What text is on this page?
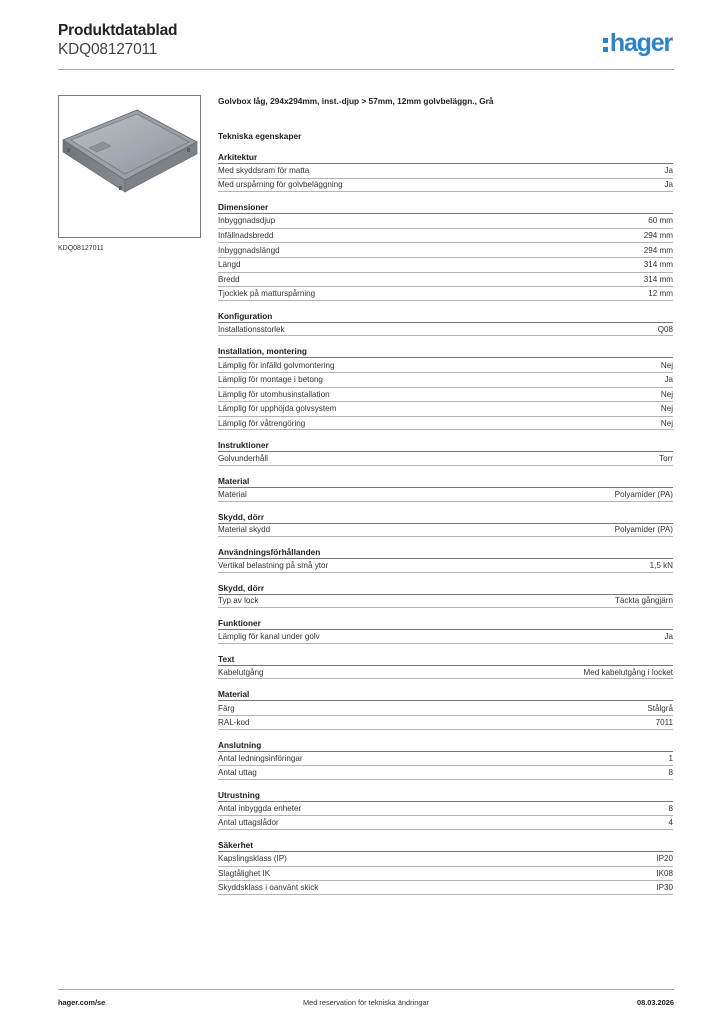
Produktdatablad
KDQ08127011	hager
KDQ08127011
Golvbox låg, 294x294mm, inst.-djup > 57mm, 12mm golvbeläggn., Grå
Tekniska egenskaper
Arkitektur
Med skyddsram för matta	Ja
Med urspårning för golvbeläggning	Ja
Dimensioner
Inbyggnadsdjup	60 mm
Infällnadsbredd	294 mm
Inbyggnadslängd	294 mm
Längd	314 mm
Bredd	314 mm
Tjocklek på matturspårning	12 mm
Konfiguration
Installationsstorlek	Q08
Installation, montering
Lämplig för infälld golvmontering	Nej
Lämplig för montage i betong	Ja
Lämplig för utomhusinstallation	Nej
Lämplig för upphöjda golvsystem	Nej
Lämplig för våtrengöring	Nej
Instruktioner
Golvunderhåll	Torr
Material
Material	Polyamider (PA)
Skydd, dörr
Material skydd	Polyamider (PA)
Användningsförhållanden
Vertikal belastning på små ytor	1,5 kN
Skydd, dörr
Typ av lock	Täckta gångjärn
Funktioner
Lämplig för kanal under golv	Ja
Text
Kabelutgång	Med kabelutgång i locket
Material
Färg	Stålgrå
RAL-kod	7011
Anslutning
Antal ledningsinföringar	1
Antal uttag	8
Utrustning
Antal inbyggda enheter	8
Antal uttagslådor	4
Säkerhet
Kapslingsklass (IP)	IP20
Slagtålighet IK	IK08
Skyddsklass i oanvänt skick	IP30
hager.com/se	Med reservation för tekniska ändringar	08.03.2026
